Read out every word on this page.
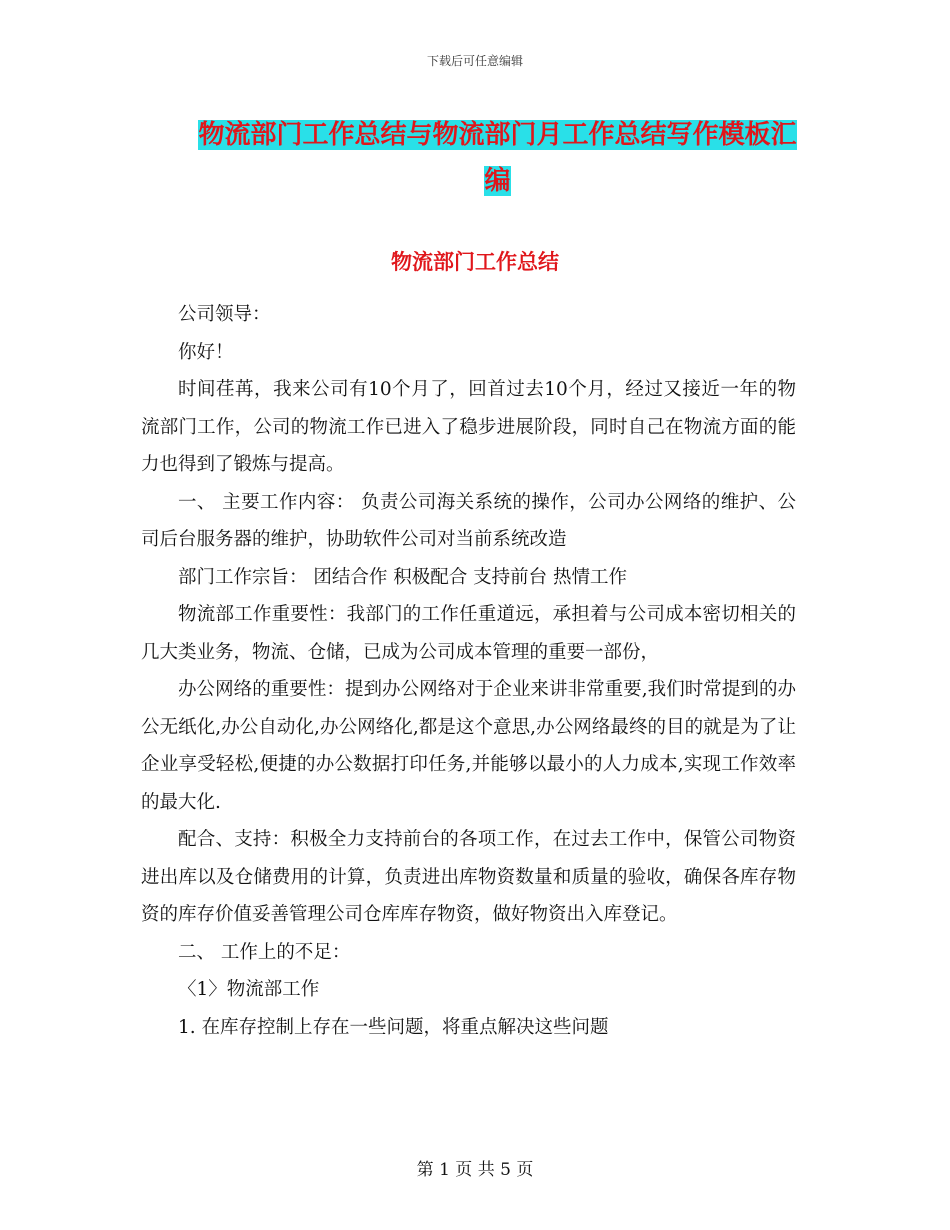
下载后可任意编辑
物流部门工作总结与物流部门月工作总结写作模板汇编
物流部门工作总结

公司领导：

你好！

时间荏苒，我来公司有10个月了，回首过去10个月，经过又接近一年的物流部门工作，公司的物流工作已进入了稳步进展阶段，同时自己在物流方面的能力也得到了锻炼与提高。

一、 主要工作内容： 负责公司海关系统的操作，公司办公网络的维护、公司后台服务器的维护，协助软件公司对当前系统改造

部门工作宗旨： 团结合作 积极配合 支持前台 热情工作

物流部工作重要性：我部门的工作任重道远，承担着与公司成本密切相关的几大类业务，物流、仓储，已成为公司成本管理的重要一部份，

办公网络的重要性：提到办公网络对于企业来讲非常重要,我们时常提到的办公无纸化,办公自动化,办公网络化,都是这个意思,办公网络最终的目的就是为了让企业享受轻松,便捷的办公数据打印任务,并能够以最小的人力成本,实现工作效率的最大化.

配合、支持：积极全力支持前台的各项工作，在过去工作中，保管公司物资进出库以及仓储费用的计算，负责进出库物资数量和质量的验收，确保各库存物资的库存价值妥善管理公司仓库库存物资，做好物资出入库登记。

二、 工作上的不足：

〈1〉物流部工作

1. 在库存控制上存在一些问题，将重点解决这些问题

第 1 页 共 5 页
